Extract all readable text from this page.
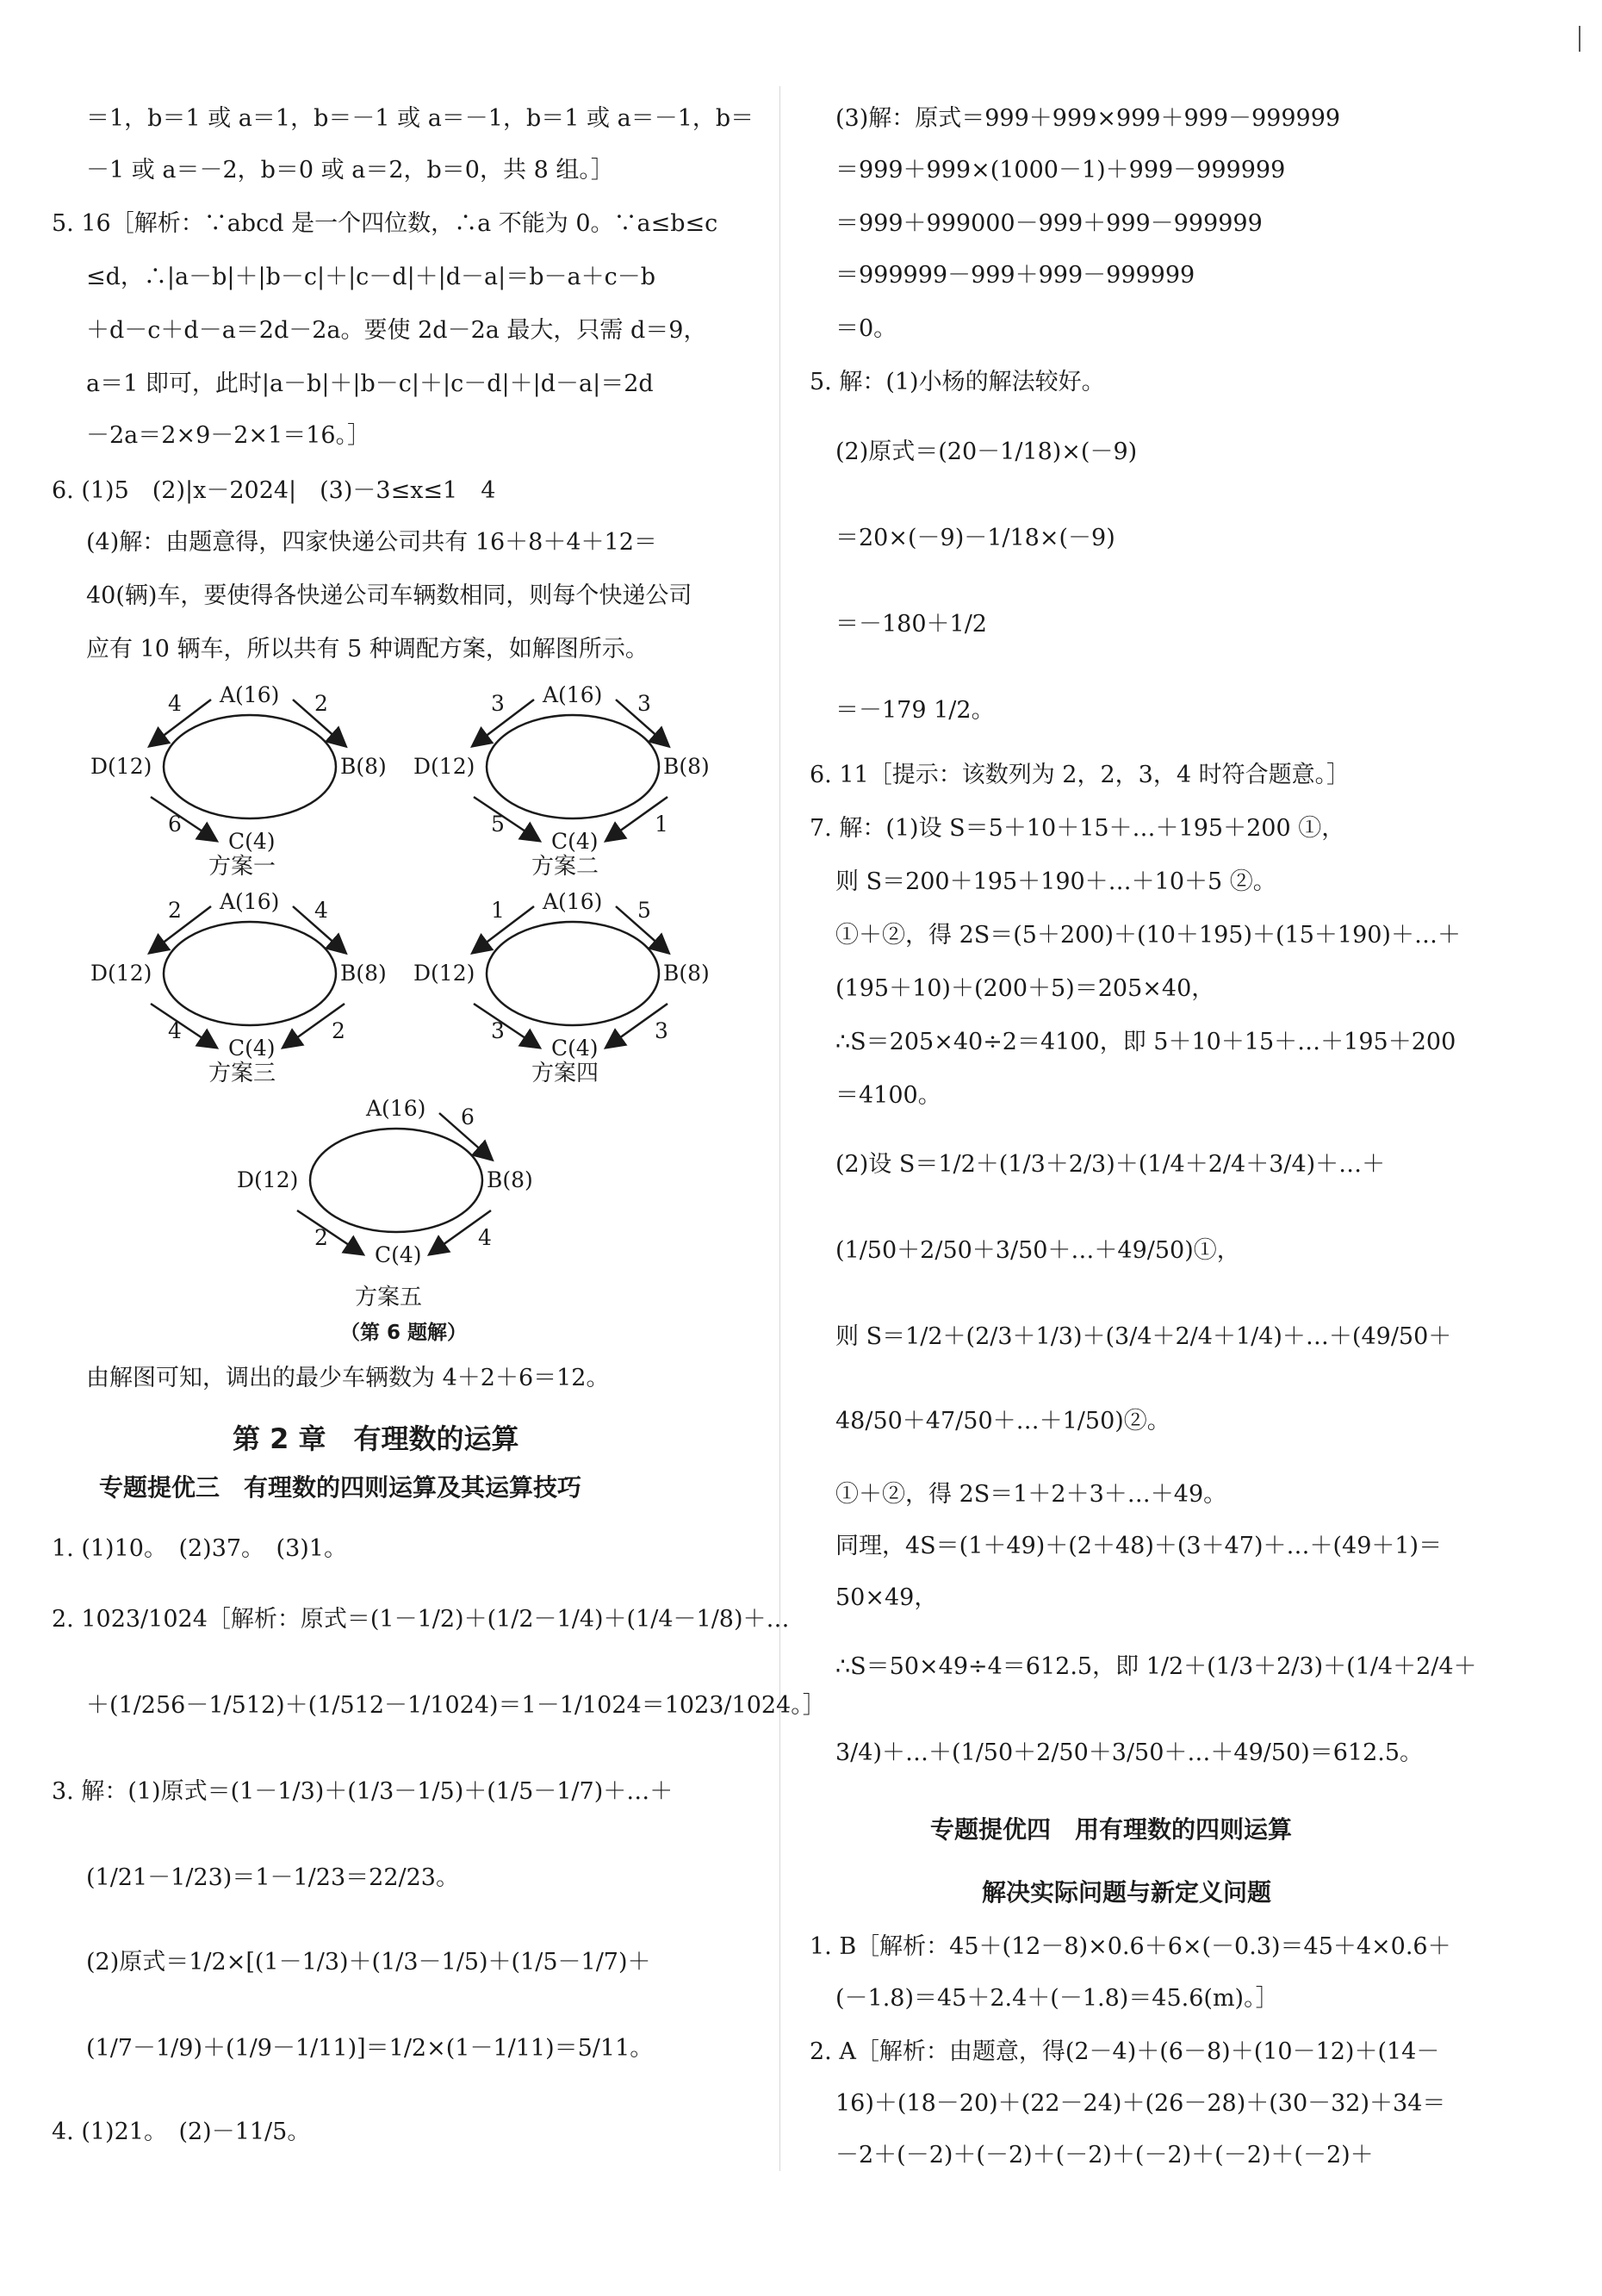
＝1，b＝1 或 a＝1，b＝－1 或 a＝－1，b＝1 或 a＝－1，b＝
－1 或 a＝－2，b＝0 或 a＝2，b＝0，共 8 组。］
5. 16［解析：∵abcd 是一个四位数，∴a 不能为 0。∵a≤b≤c
≤d，∴|a－b|＋|b－c|＋|c－d|＋|d－a|＝b－a＋c－b
＋d－c＋d－a＝2d－2a。要使 2d－2a 最大，只需 d＝9，
a＝1 即可，此时|a－b|＋|b－c|＋|c－d|＋|d－a|＝2d
－2a＝2×9－2×1＝16。］
6. (1)5　(2)|x－2024|　(3)－3≤x≤1　4
(4)解：由题意得，四家快递公司共有 16＋8＋4＋12＝
40(辆)车，要使得各快递公司车辆数相同，则每个快递公司
应有 10 辆车，所以共有 5 种调配方案，如解图所示。
A(16)
B(8)
C(4)
D(12)
4	2
6
方案一
A(16)
B(8)
C(4)
D(12)
3	3
5	1
方案二
A(16)
B(8)
C(4)
D(12)
2	4
4	2
方案三
A(16)
B(8)
C(4)
D(12)
1	5
3	3
方案四
A(16)
B(8)
C(4)
D(12)
6
2	4
方案五
（第 6 题解）
由解图可知，调出的最少车辆数为 4＋2＋6＝12。
第 2 章　有理数的运算
专题提优三　有理数的四则运算及其运算技巧
1. (1)10。　(2)37。　(3)1。
2. 1023/1024［解析：原式＝(1－1/2)＋(1/2－1/4)＋(1/4－1/8)＋…
＋(1/256－1/512)＋(1/512－1/1024)＝1－1/1024＝1023/1024。］
3. 解：(1)原式＝(1－1/3)＋(1/3－1/5)＋(1/5－1/7)＋…＋
(1/21－1/23)＝1－1/23＝22/23。
(2)原式＝1/2×[(1－1/3)＋(1/3－1/5)＋(1/5－1/7)＋
(1/7－1/9)＋(1/9－1/11)]＝1/2×(1－1/11)＝5/11。
4. (1)21。　(2)－11/5。
(3)解：原式＝999＋999×999＋999－999999
＝999＋999×(1000－1)＋999－999999
＝999＋999000－999＋999－999999
＝999999－999＋999－999999
＝0。
5. 解：(1)小杨的解法较好。
(2)原式＝(20－1/18)×(－9)
＝20×(－9)－1/18×(－9)
＝－180＋1/2
＝－179 1/2。
6. 11［提示：该数列为 2，2，3，4 时符合题意。］
7. 解：(1)设 S＝5＋10＋15＋…＋195＋200 ①，
则 S＝200＋195＋190＋…＋10＋5 ②。
①＋②，得 2S＝(5＋200)＋(10＋195)＋(15＋190)＋…＋
(195＋10)＋(200＋5)＝205×40，
∴S＝205×40÷2＝4100，即 5＋10＋15＋…＋195＋200
＝4100。
(2)设 S＝1/2＋(1/3＋2/3)＋(1/4＋2/4＋3/4)＋…＋
(1/50＋2/50＋3/50＋…＋49/50)①，
则 S＝1/2＋(2/3＋1/3)＋(3/4＋2/4＋1/4)＋…＋(49/50＋
48/50＋47/50＋…＋1/50)②。
①＋②，得 2S＝1＋2＋3＋…＋49。
同理，4S＝(1＋49)＋(2＋48)＋(3＋47)＋…＋(49＋1)＝
50×49，
∴S＝50×49÷4＝612.5，即 1/2＋(1/3＋2/3)＋(1/4＋2/4＋
3/4)＋…＋(1/50＋2/50＋3/50＋…＋49/50)＝612.5。
专题提优四　用有理数的四则运算
解决实际问题与新定义问题
1. B［解析：45＋(12－8)×0.6＋6×(－0.3)＝45＋4×0.6＋
(－1.8)＝45＋2.4＋(－1.8)＝45.6(m)。］
2. A［解析：由题意，得(2－4)＋(6－8)＋(10－12)＋(14－
16)＋(18－20)＋(22－24)＋(26－28)＋(30－32)＋34＝
－2＋(－2)＋(－2)＋(－2)＋(－2)＋(－2)＋(－2)＋
